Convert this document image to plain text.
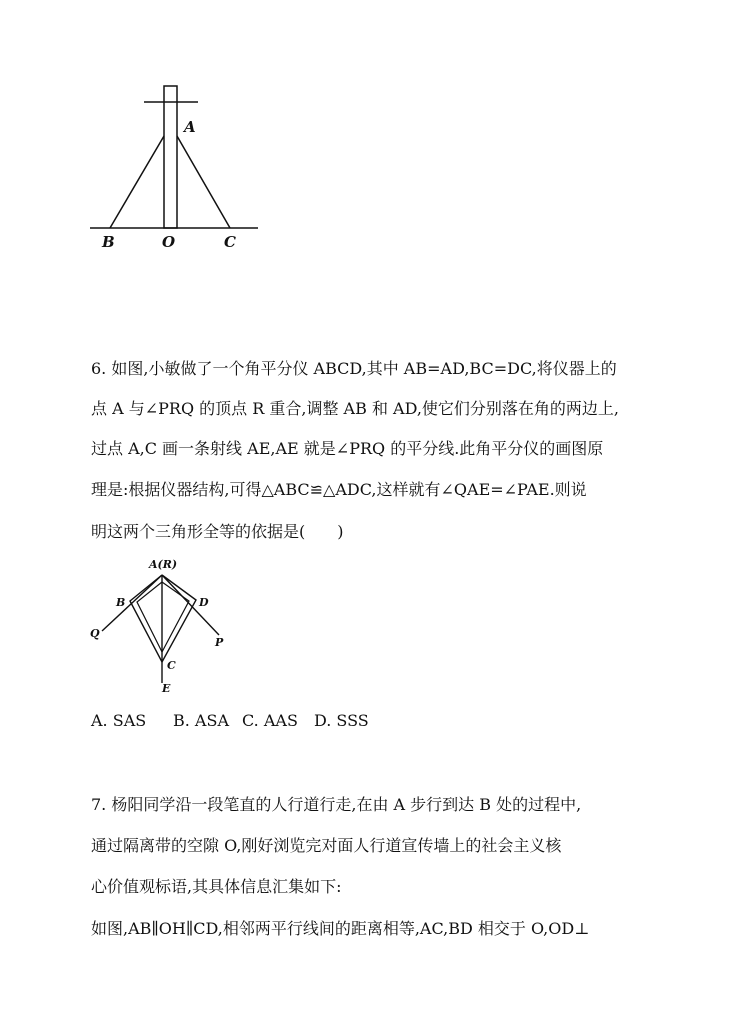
A
B	O	C

6. 如图,小敏做了一个角平分仪 ABCD,其中 AB=AD,BC=DC,将仪器上的

点 A 与∠PRQ 的顶点 R 重合,调整 AB 和 AD,使它们分别落在角的两边上,

过点 A,C 画一条射线 AE,AE 就是∠PRQ 的平分线.此角平分仪的画图原

理是:根据仪器结构,可得△ABC≌△ADC,这样就有∠QAE=∠PAE.则说

明这两个三角形全等的依据是(　　)

A(R)
B	D
Q
P
C
E
A. SAS B. ASA C. AAS D. SSS

7. 杨阳同学沿一段笔直的人行道行走,在由 A 步行到达 B 处的过程中,

通过隔离带的空隙 O,刚好浏览完对面人行道宣传墙上的社会主义核

心价值观标语,其具体信息汇集如下:

如图,AB∥OH∥CD,相邻两平行线间的距离相等,AC,BD 相交于 O,OD⊥
